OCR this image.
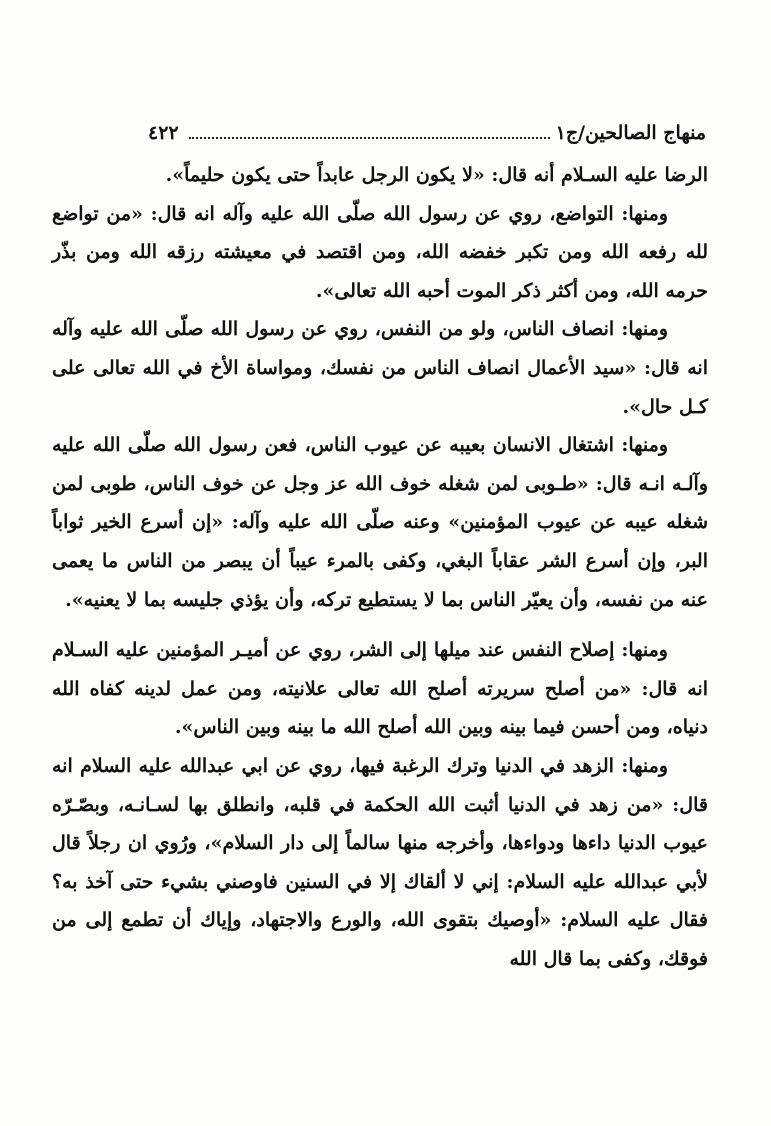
منهاج الصالحين/ج١
٤٢٢

الرضا عليه السـلام أنه قال: «لا يكون الرجل عابداً حتى يكون حليماً».

ومنها: التواضع، روي عن رسول الله صلّى الله عليه وآله انه قال: «من تواضع لله رفعه الله ومن تكبر خفضه الله، ومن اقتصد في معيشته رزقه الله ومن بذّر حرمه الله، ومن أكثر ذكر الموت أحبه الله تعالى».

ومنها: انصاف الناس، ولو من النفس، روي عن رسول الله صلّى الله عليه وآله انه قال: «سيد الأعمال انصاف الناس من نفسك، ومواساة الأخ في الله تعالى على كـل حال».

ومنها: اشتغال الانسان بعيبه عن عيوب الناس، فعن رسول الله صلّى الله عليه وآلـه انـه قال: «طـوبى لمن شغله خوف الله عز وجل عن خوف الناس، طوبى لمن شغله عيبه عن عيوب المؤمنين» وعنه صلّى الله عليه وآله: «إن أسرع الخير ثواباً البر، وإن أسرع الشر عقاباً البغي، وكفى بالمرء عيباً أن يبصر من الناس ما يعمى عنه من نفسه، وأن يعيّر الناس بما لا يستطيع تركه، وأن يؤذي جليسه بما لا يعنيه».

ومنها: إصلاح النفس عند ميلها إلى الشر، روي عن أميـر المؤمنين عليه السـلام انه قال: «من أصلح سريرته أصلح الله تعالى علانيته، ومن عمل لدينه كفاه الله دنياه، ومن أحسن فيما بينه وبين الله أصلح الله ما بينه وبين الناس».

ومنها: الزهد في الدنيا وترك الرغبة فيها، روي عن ابي عبدالله عليه السلام انه قال: «من زهد في الدنيا أثبت الله الحكمة في قلبه، وانطلق بها لسـانـه، وبصّـرّه عيوب الدنيا داءها ودواءها، وأخرجه منها سالماً إلى دار السلام»، ورُوي ان رجلاً قال لأبي عبدالله عليه السلام: إني لا ألقاك إلا في السنين فاوصني بشيء حتى آخذ به؟ فقال عليه السلام: «أوصيك بتقوى الله، والورع والاجتهاد، وإياك أن تطمع إلى من فوقك، وكفى بما قال الله
